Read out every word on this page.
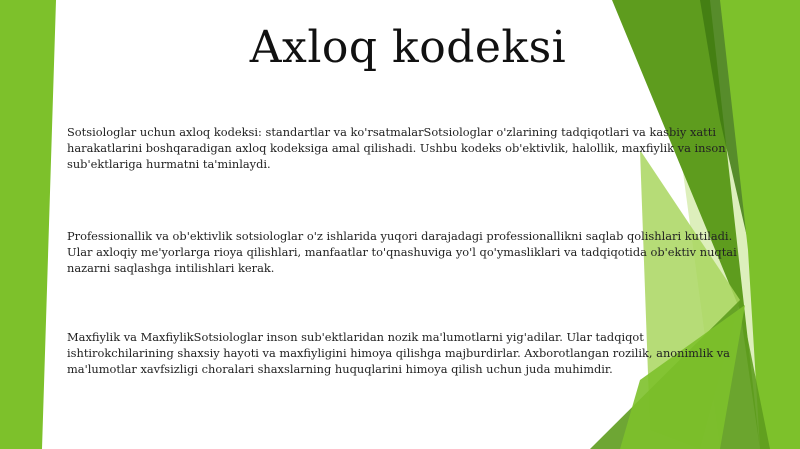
Axloq kodeksi

Sotsiologlar uchun axloq kodeksi: standartlar va ko'rsatmalarSotsiologlar o'zlarining tadqiqotlari va kasbiy xatti harakatlarini boshqaradigan axloq kodeksiga amal qilishadi. Ushbu kodeks ob'ektivlik, halollik, maxfiylik va inson sub'ektlariga hurmatni ta'minlaydi.

Professionallik va ob'ektivlik sotsiologlar o'z ishlarida yuqori darajadagi professionallikni saqlab qolishlari kutiladi. Ular axloqiy me'yorlarga rioya qilishlari, manfaatlar to'qnashuviga yo'l qo'ymasliklari va tadqiqotida ob'ektiv nuqtai nazarni saqlashga intilishlari kerak.

Maxfiylik va MaxfiylikSotsiologlar inson sub'ektlaridan nozik ma'lumotlarni yig'adilar. Ular tadqiqot ishtirokchilarining shaxsiy hayoti va maxfiyligini himoya qilishga majburdirlar. Axborotlangan rozilik, anonimlik va ma'lumotlar xavfsizligi choralari shaxslarning huquqlarini himoya qilish uchun juda muhimdir.
